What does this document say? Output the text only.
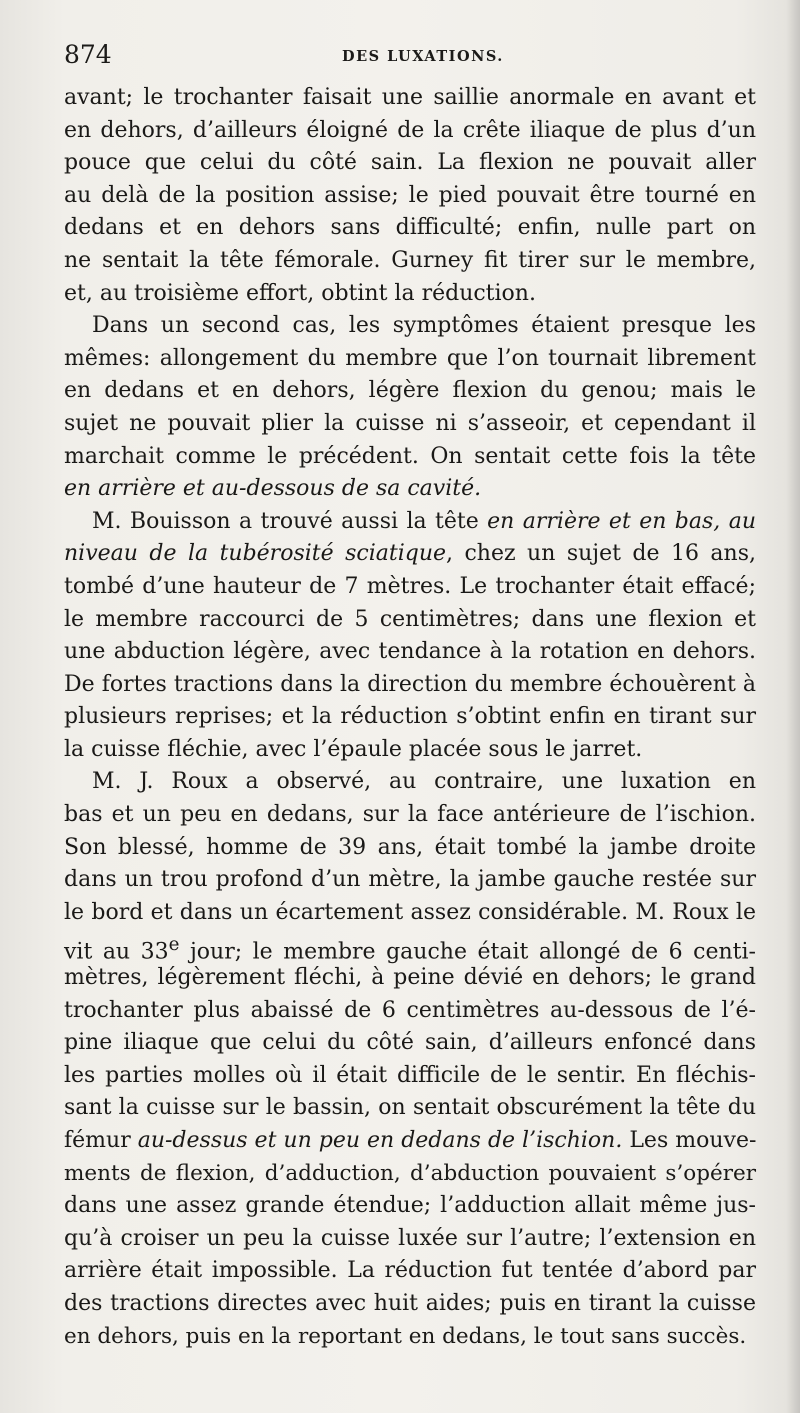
874	DES LUXATIONS.
avant; le trochanter faisait une saillie anormale en avant et
en dehors, d’ailleurs éloigné de la crête iliaque de plus d’un
pouce que celui du côté sain. La flexion ne pouvait aller
au delà de la position assise; le pied pouvait être tourné en
dedans et en dehors sans difficulté; enfin, nulle part on
ne sentait la tête fémorale. Gurney fit tirer sur le membre,
et, au troisième effort, obtint la réduction.
Dans un second cas, les symptômes étaient presque les
mêmes: allongement du membre que l’on tournait librement
en dedans et en dehors, légère flexion du genou; mais le
sujet ne pouvait plier la cuisse ni s’asseoir, et cependant il
marchait comme le précédent. On sentait cette fois la tête
en arrière et au-dessous de sa cavité.
M. Bouisson a trouvé aussi la tête en arrière et en bas, au
niveau de la tubérosité sciatique, chez un sujet de 16 ans,
tombé d’une hauteur de 7 mètres. Le trochanter était effacé;
le membre raccourci de 5 centimètres; dans une flexion et
une abduction légère, avec tendance à la rotation en dehors.
De fortes tractions dans la direction du membre échouèrent à
plusieurs reprises; et la réduction s’obtint enfin en tirant sur
la cuisse fléchie, avec l’épaule placée sous le jarret.
M. J. Roux a observé, au contraire, une luxation en
bas et un peu en dedans, sur la face antérieure de l’ischion.
Son blessé, homme de 39 ans, était tombé la jambe droite
dans un trou profond d’un mètre, la jambe gauche restée sur
le bord et dans un écartement assez considérable. M. Roux le
vit au 33e jour; le membre gauche était allongé de 6 centi-
mètres, légèrement fléchi, à peine dévié en dehors; le grand
trochanter plus abaissé de 6 centimètres au-dessous de l’é-
pine iliaque que celui du côté sain, d’ailleurs enfoncé dans
les parties molles où il était difficile de le sentir. En fléchis-
sant la cuisse sur le bassin, on sentait obscurément la tête du
fémur au-dessus et un peu en dedans de l’ischion. Les mouve-
ments de flexion, d’adduction, d’abduction pouvaient s’opérer
dans une assez grande étendue; l’adduction allait même jus-
qu’à croiser un peu la cuisse luxée sur l’autre; l’extension en
arrière était impossible. La réduction fut tentée d’abord par
des tractions directes avec huit aides; puis en tirant la cuisse
en dehors, puis en la reportant en dedans, le tout sans succès.
